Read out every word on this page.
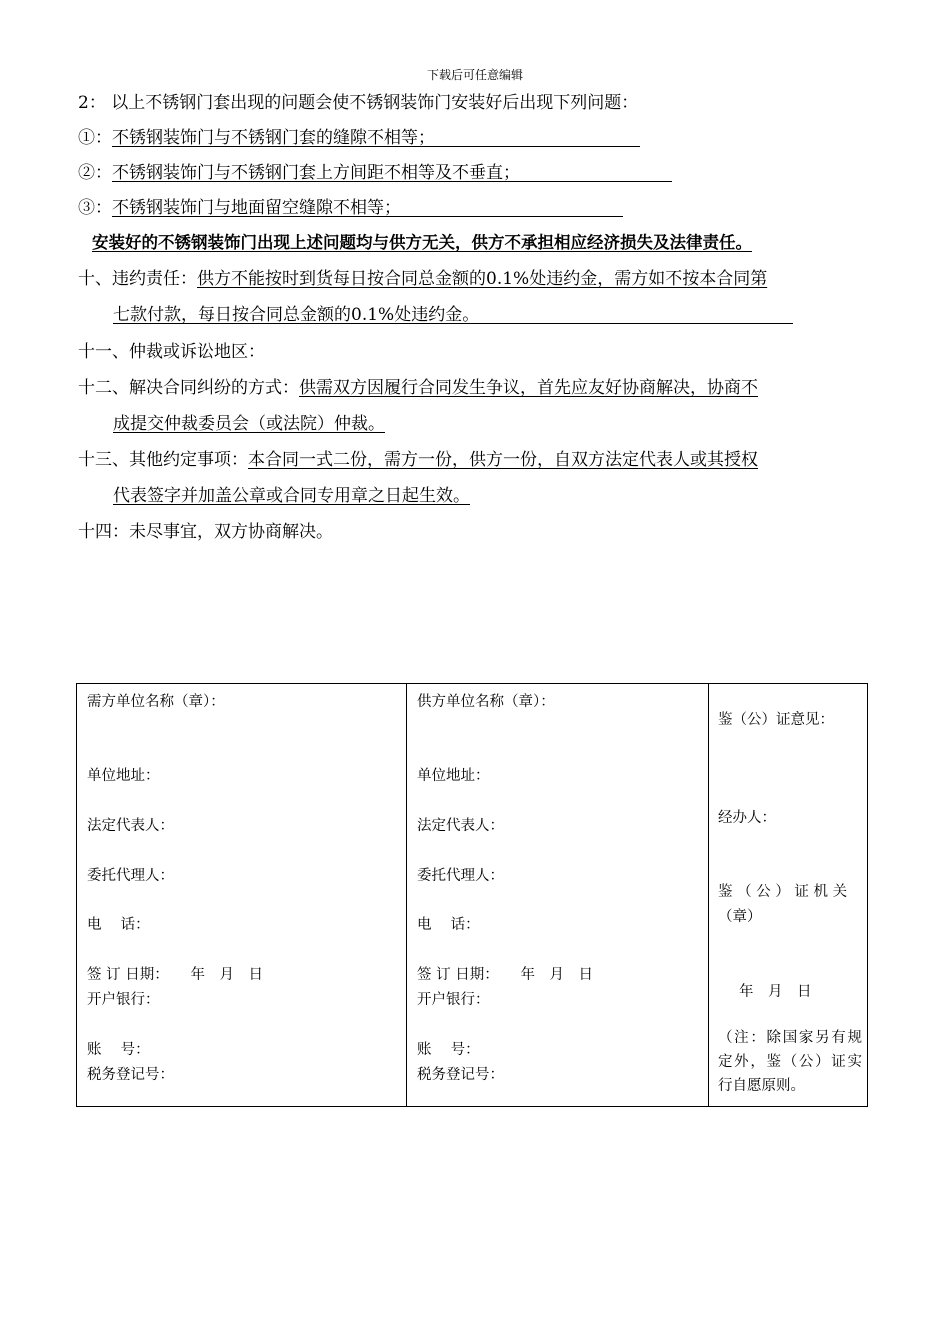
下载后可任意编辑
2： 以上不锈钢门套出现的问题会使不锈钢装饰门安装好后出现下列问题：
①：不锈钢装饰门与不锈钢门套的缝隙不相等；
②：不锈钢装饰门与不锈钢门套上方间距不相等及不垂直；
③：不锈钢装饰门与地面留空缝隙不相等；
安装好的不锈钢装饰门出现上述问题均与供方无关，供方不承担相应经济损失及法律责任。
十、违约责任：供方不能按时到货每日按合同总金额的0.1%处违约金，需方如不按本合同第
七款付款，每日按合同总金额的0.1%处违约金。
十一、仲裁或诉讼地区：
十二、解决合同纠纷的方式：供需双方因履行合同发生争议，首先应友好协商解决，协商不
成提交仲裁委员会（或法院）仲裁。
十三、其他约定事项：本合同一式二份，需方一份，供方一份，自双方法定代表人或其授权
代表签字并加盖公章或合同专用章之日起生效。
十四：未尽事宜，双方协商解决。
需方单位名称（章）：
单位地址：
法定代表人：
委托代理人：
电　 话：
签 订 日期：　　年　月　日
开户银行：
账　 号：
税务登记号：

供方单位名称（章）：
单位地址：
法定代表人：
委托代理人：
电　 话：
签 订 日期：　　年　月　日
开户银行：
账　 号：
税务登记号：

鉴（公）证意见：
经办人：
鉴 （ 公 ） 证 机 关
（章）
年　月　日
（注：除国家另有规定外，鉴（公）证实行自愿原则。
